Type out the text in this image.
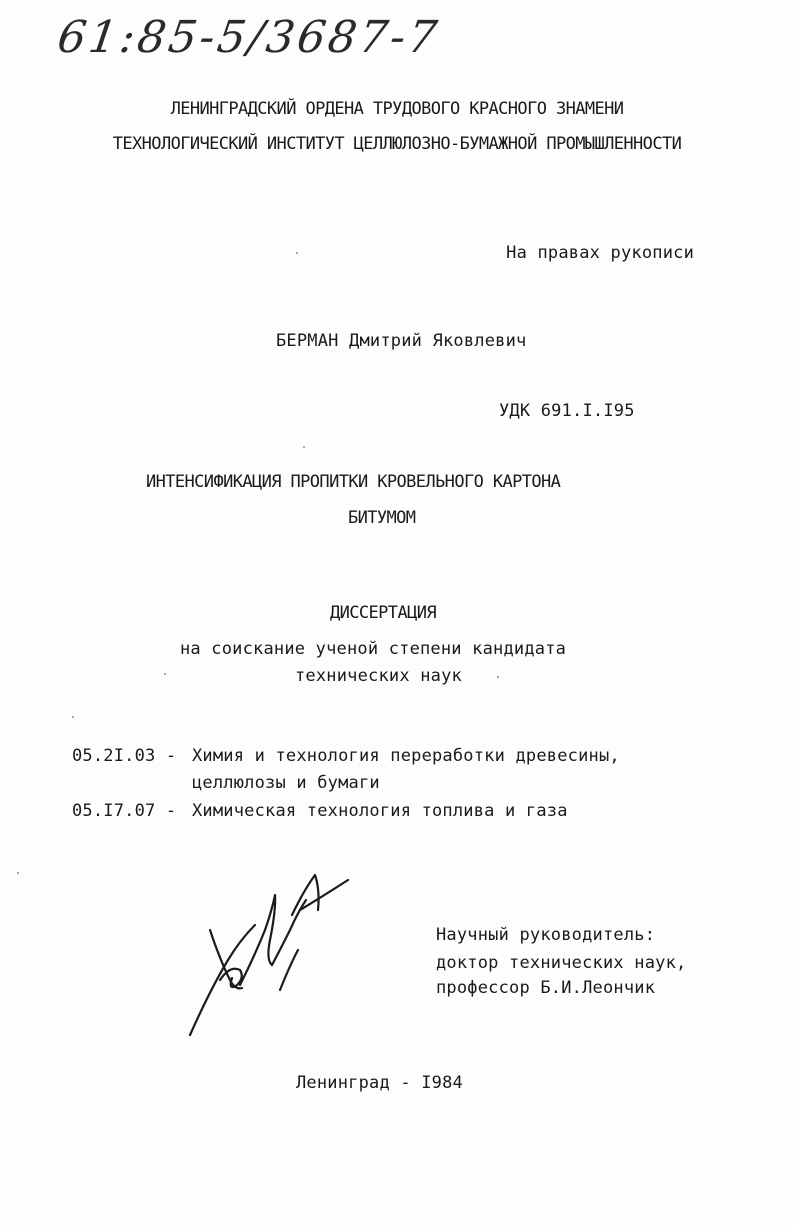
61:85-5/3687-7
ЛЕНИНГРАДСКИЙ ОРДЕНА ТРУДОВОГО КРАСНОГО ЗНАМЕНИ
ТЕХНОЛОГИЧЕСКИЙ ИНСТИТУТ ЦЕЛЛЮЛОЗНО-БУМАЖНОЙ ПРОМЫШЛЕННОСТИ
На правах рукописи
БЕРМАН Дмитрий Яковлевич
УДК 691.I.I95
ИНТЕНСИФИКАЦИЯ ПРОПИТКИ КРОВЕЛЬНОГО КАРТОНА
БИТУМОМ
ДИССЕРТАЦИЯ
на соискание ученой степени кандидата
технических наук
05.2I.03 - Химия и технология переработки древесины,
целлюлозы и бумаги
05.I7.07 - Химическая технология топлива и газа
Научный руководитель:
доктор технических наук,
профессор Б.И.Леончик
Ленинград - I984
